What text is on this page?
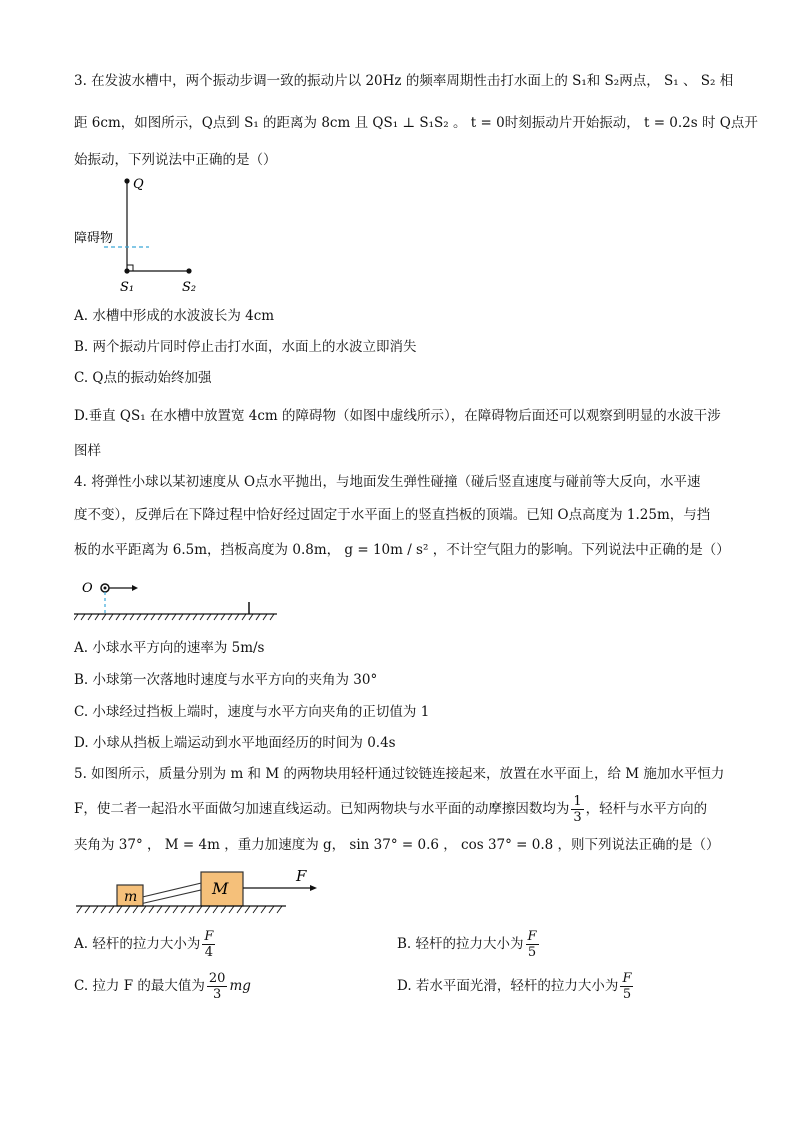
3. 在发波水槽中，两个振动步调一致的振动片以 20Hz 的频率周期性击打水面上的 S₁和 S₂两点， S₁ 、 S₂ 相
距 6cm，如图所示，Q点到 S₁ 的距离为 8cm 且 QS₁ ⊥ S₁S₂ 。 t = 0时刻振动片开始振动， t = 0.2s 时 Q点开
始振动，下列说法中正确的是（）
Q
障碍物
S₁	S₂
A. 水槽中形成的水波波长为 4cm
B. 两个振动片同时停止击打水面，水面上的水波立即消失
C. Q点的振动始终加强
D.垂直 QS₁ 在水槽中放置宽 4cm 的障碍物（如图中虚线所示），在障碍物后面还可以观察到明显的水波干涉
图样
4. 将弹性小球以某初速度从 O点水平抛出，与地面发生弹性碰撞（碰后竖直速度与碰前等大反向，水平速
度不变），反弹后在下降过程中恰好经过固定于水平面上的竖直挡板的顶端。已知 O点高度为 1.25m，与挡
板的水平距离为 6.5m，挡板高度为 0.8m， g = 10m / s² ，不计空气阻力的影响。下列说法中正确的是（）
O
A. 小球水平方向的速率为 5m/s
B. 小球第一次落地时速度与水平方向的夹角为 30°
C. 小球经过挡板上端时，速度与水平方向夹角的正切值为 1
D. 小球从挡板上端运动到水平地面经历的时间为 0.4s
5. 如图所示，质量分别为 m 和 M 的两物块用轻杆通过铰链连接起来，放置在水平面上，给 M 施加水平恒力
F，使二者一起沿水平面做匀加速直线运动。已知两物块与水平面的动摩擦因数均为 $\frac{1}{3}$ ，轻杆与水平方向的
夹角为 37° ， M = 4m ，重力加速度为 g， sin 37° = 0.6 ， cos 37° = 0.8 ，则下列说法正确的是（）
m	M
F
A. 轻杆的拉力大小为 $\frac{F}{4}$	B. 轻杆的拉力大小为 $\frac{F}{5}$
C. 拉力 F 的最大值为 $\frac{20}{3}$ mg	D. 若水平面光滑，轻杆的拉力大小为 $\frac{F}{5}$
